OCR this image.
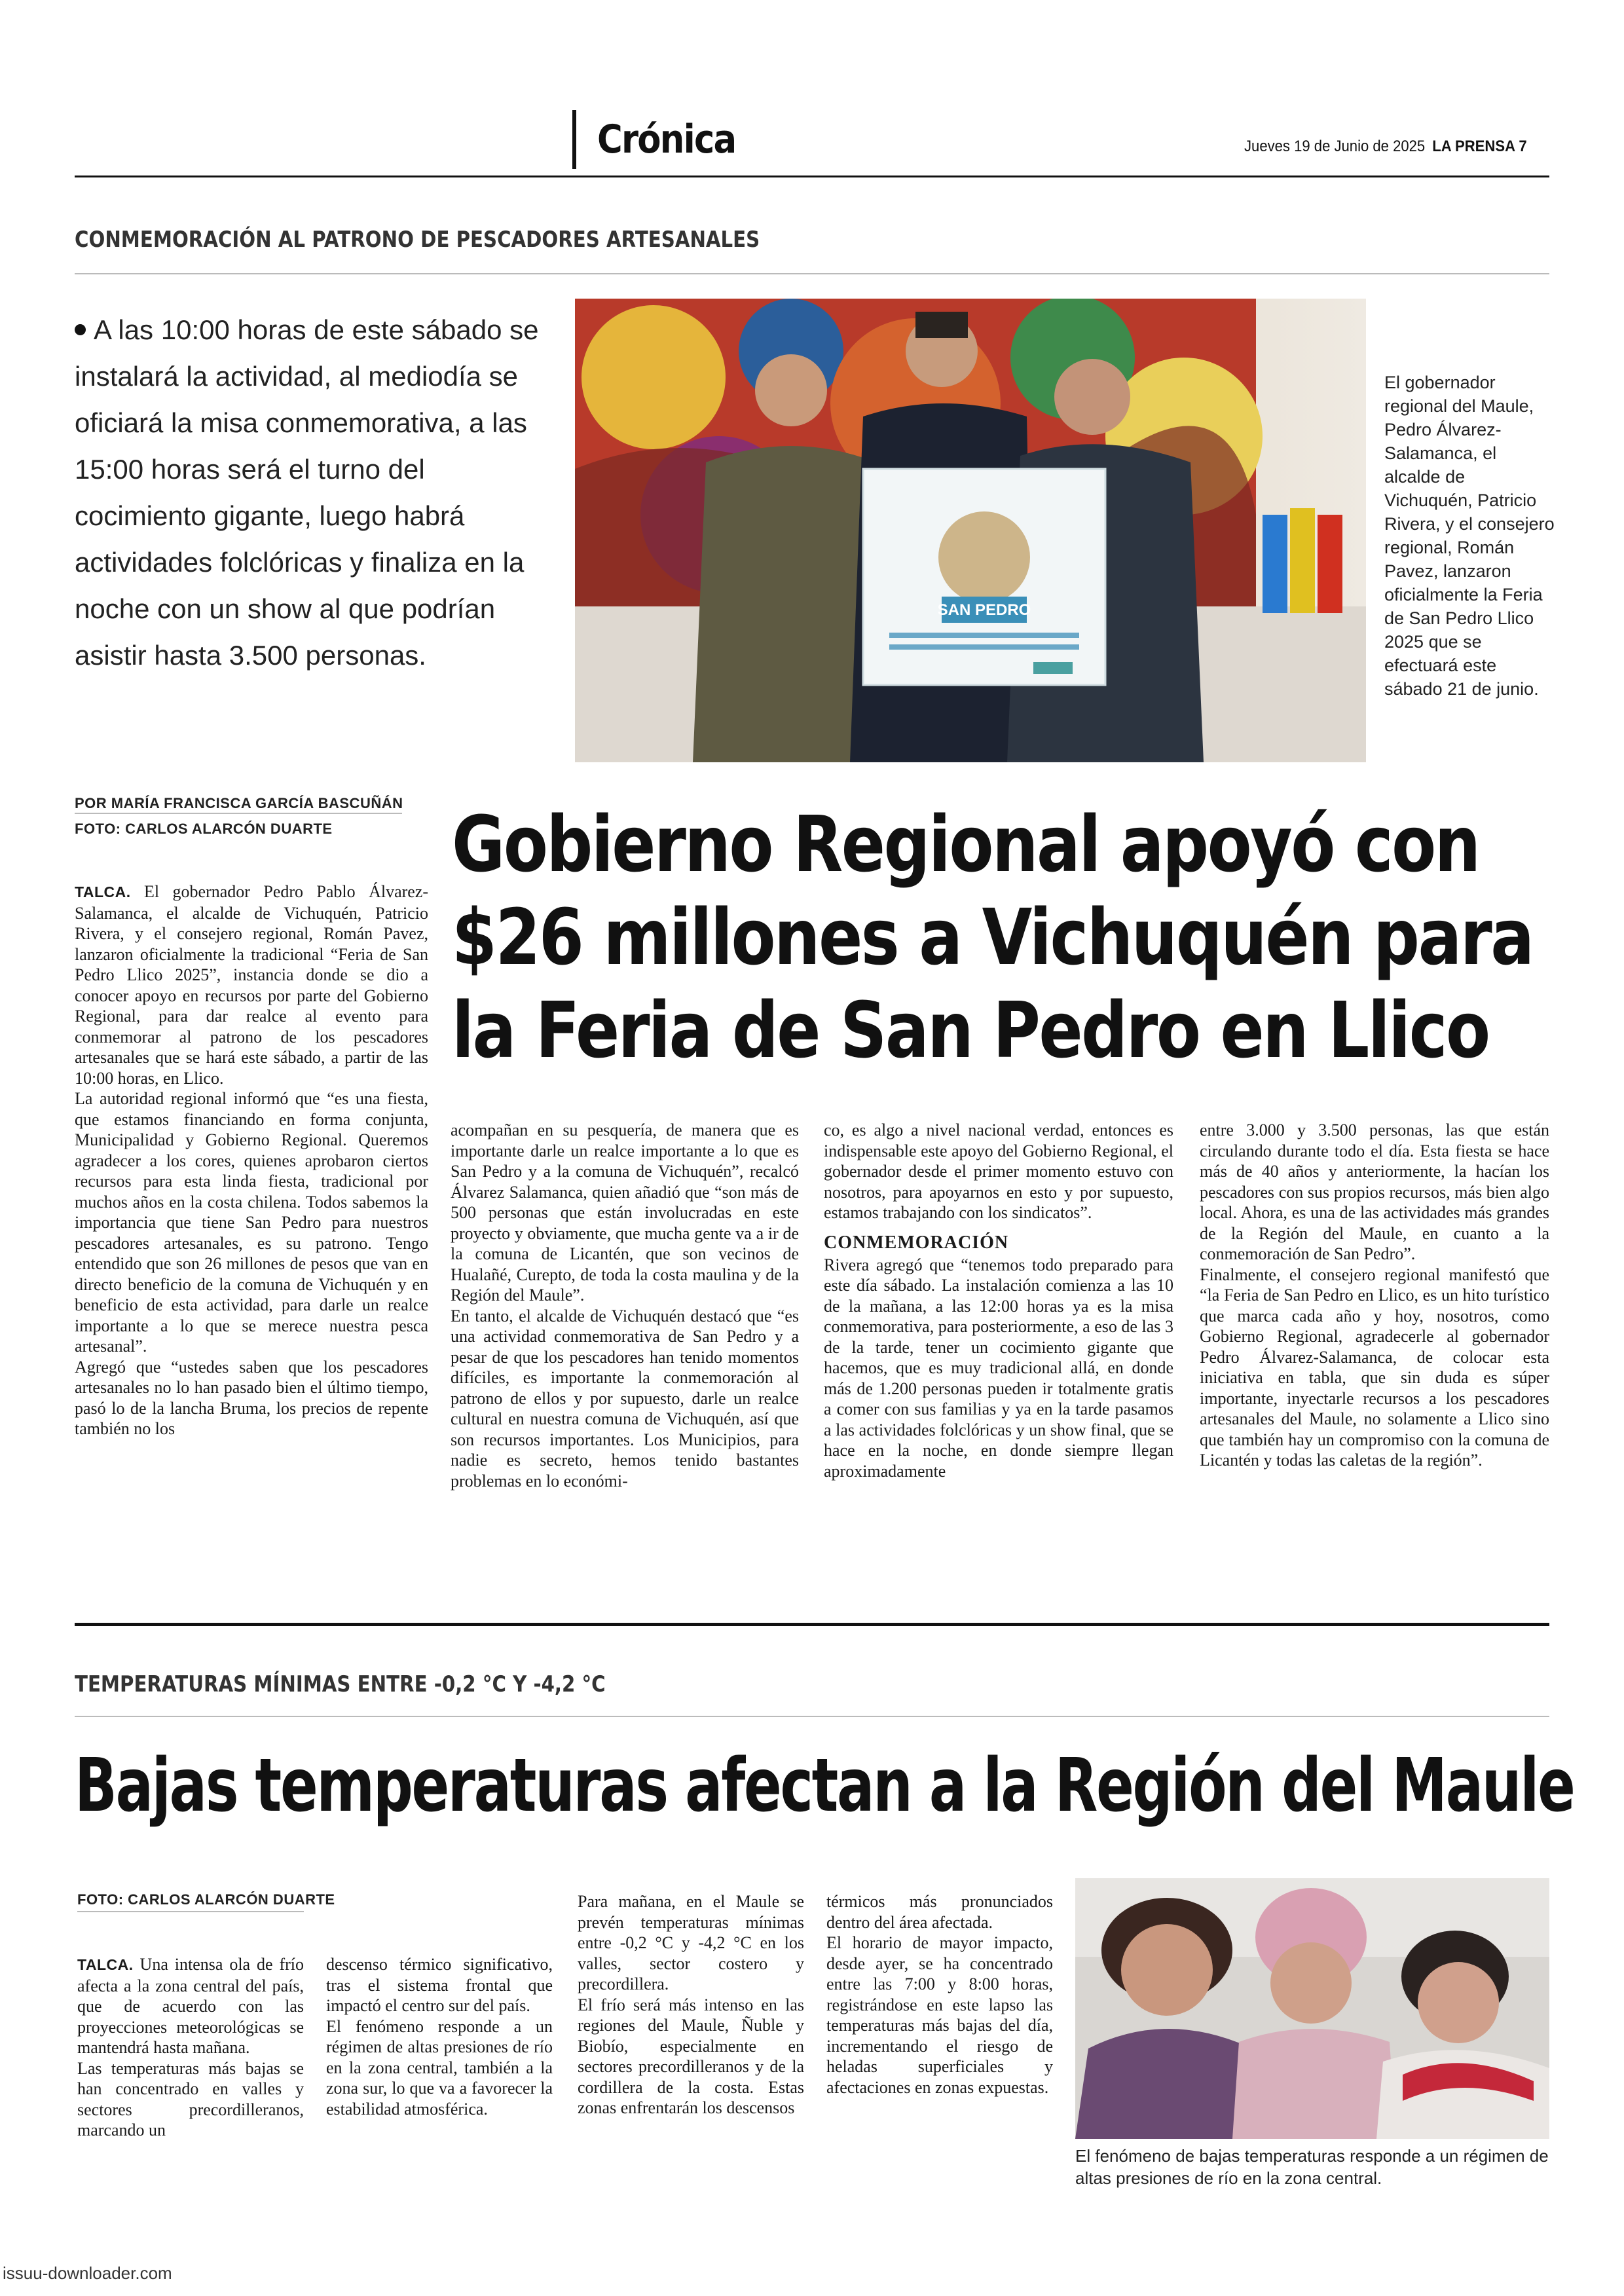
Crónica	Jueves 19 de Junio de 2025 LA PRENSA 7
CONMEMORACIÓN AL PATRONO DE PESCADORES ARTESANALES

A las 10:00 horas de este sábado se instalará la actividad, al mediodía se oficiará la misa conmemorativa, a las 15:00 horas será el turno del cocimiento gigante, luego habrá actividades folclóricas y finaliza en la noche con un show al que podrían asistir hasta 3.500 personas.

SAN PEDRO
El gobernador regional del Maule, Pedro Álvarez-Salamanca, el alcalde de Vichuquén, Patricio Rivera, y el consejero regional, Román Pavez, lanzaron oficialmente la Feria de San Pedro Llico 2025 que se efectuará este sábado 21 de junio.
POR MARÍA FRANCISCA GARCÍA BASCUÑÁN
FOTO: CARLOS ALARCÓN DUARTE Gobierno Regional apoyó con
$26 millones a Vichuquén para
la Feria de San Pedro en Llico

TALCA. El gobernador Pedro Pablo Álvarez-Salamanca, el alcalde de Vichuquén, Patricio Rivera, y el consejero regional, Román Pavez, lanzaron oficialmente la tradicional “Feria de San Pedro Llico 2025”, instancia donde se dio a conocer apoyo en recursos por parte del Gobierno Regional, para dar realce al evento para conmemorar al patrono de los pescadores artesanales que se hará este sábado, a partir de las 10:00 horas, en Llico.

La autoridad regional informó que “es una fiesta, que estamos financiando en forma conjunta, Municipalidad y Gobierno Regional. Queremos agradecer a los cores, quienes aprobaron ciertos recursos para esta linda fiesta, tradicional por muchos años en la costa chilena. Todos sabemos la importancia que tiene San Pedro para nuestros pescadores artesanales, es su patrono. Tengo entendido que son 26 millones de pesos que van en directo beneficio de la comuna de Vichuquén y en beneficio de esta actividad, para darle un realce importante a lo que se merece nuestra pesca artesanal”.

Agregó que “ustedes saben que los pescadores artesanales no lo han pasado bien el último tiempo, pasó lo de la lancha Bruma, los precios de repente también no los

acompañan en su pesquería, de manera que es importante darle un realce importante a lo que es San Pedro y a la comuna de Vichuquén”, recalcó Álvarez Salamanca, quien añadió que “son más de 500 personas que están involucradas en este proyecto y obviamente, que mucha gente va a ir de la comuna de Licantén, que son vecinos de Hualañé, Curepto, de toda la costa maulina y de la Región del Maule”.

En tanto, el alcalde de Vichuquén destacó que “es una actividad conmemorativa de San Pedro y a pesar de que los pescadores han tenido momentos difíciles, es importante la conmemoración al patrono de ellos y por supuesto, darle un realce cultural en nuestra comuna de Vichuquén, así que son recursos importantes. Los Municipios, para nadie es secreto, hemos tenido bastantes problemas en lo económi-

co, es algo a nivel nacional verdad, entonces es indispensable este apoyo del Gobierno Regional, el gobernador desde el primer momento estuvo con nosotros, para apoyarnos en esto y por supuesto, estamos trabajando con los sindicatos”.

CONMEMORACIÓN

Rivera agregó que “tenemos todo preparado para este día sábado. La instalación comienza a las 10 de la mañana, a las 12:00 horas ya es la misa conmemorativa, para posteriormente, a eso de las 3 de la tarde, tener un cocimiento gigante que hacemos, que es muy tradicional allá, en donde más de 1.200 personas pueden ir totalmente gratis a comer con sus familias y ya en la tarde pasamos a las actividades folclóricas y un show final, que se hace en la noche, en donde siempre llegan aproximadamente

entre 3.000 y 3.500 personas, las que están circulando durante todo el día. Esta fiesta se hace más de 40 años y anteriormente, la hacían los pescadores con sus propios recursos, más bien algo local. Ahora, es una de las actividades más grandes de la Región del Maule, en cuanto a la conmemoración de San Pedro”.

Finalmente, el consejero regional manifestó que “la Feria de San Pedro en Llico, es un hito turístico que marca cada año y hoy, nosotros, como Gobierno Regional, agradecerle al gobernador Pedro Álvarez-Salamanca, de colocar esta iniciativa en tabla, que sin duda es súper importante, inyectarle recursos a los pescadores artesanales del Maule, no solamente a Llico sino que también hay un compromiso con la comuna de Licantén y todas las caletas de la región”.

TEMPERATURAS MÍNIMAS ENTRE -0,2 °C Y -4,2 °C
Bajas temperaturas afectan a la Región del Maule
FOTO: CARLOS ALARCÓN DUARTE

TALCA. Una intensa ola de frío afecta a la zona central del país, que de acuerdo con las proyecciones meteorológicas se mantendrá hasta mañana.

Las temperaturas más bajas se han concentrado en valles y sectores precordilleranos, marcando un

descenso térmico significativo, tras el sistema frontal que impactó el centro sur del país.

El fenómeno responde a un régimen de altas presiones de río en la zona central, también a la zona sur, lo que va a favorecer la estabilidad atmosférica.

Para mañana, en el Maule se prevén temperaturas mínimas entre -0,2 °C y -4,2 °C en los valles, sector costero y precordillera.

El frío será más intenso en las regiones del Maule, Ñuble y Biobío, especialmente en sectores precordilleranos y de la cordillera de la costa. Estas zonas enfrentarán los descensos

térmicos más pronunciados dentro del área afectada.

El horario de mayor impacto, desde ayer, se ha concentrado entre las 7:00 y 8:00 horas, registrándose en este lapso las temperaturas más bajas del día, incrementando el riesgo de heladas superficiales y afectaciones en zonas expuestas.

El fenómeno de bajas temperaturas responde a un régimen de altas presiones de río en la zona central.
issuu-downloader.com
